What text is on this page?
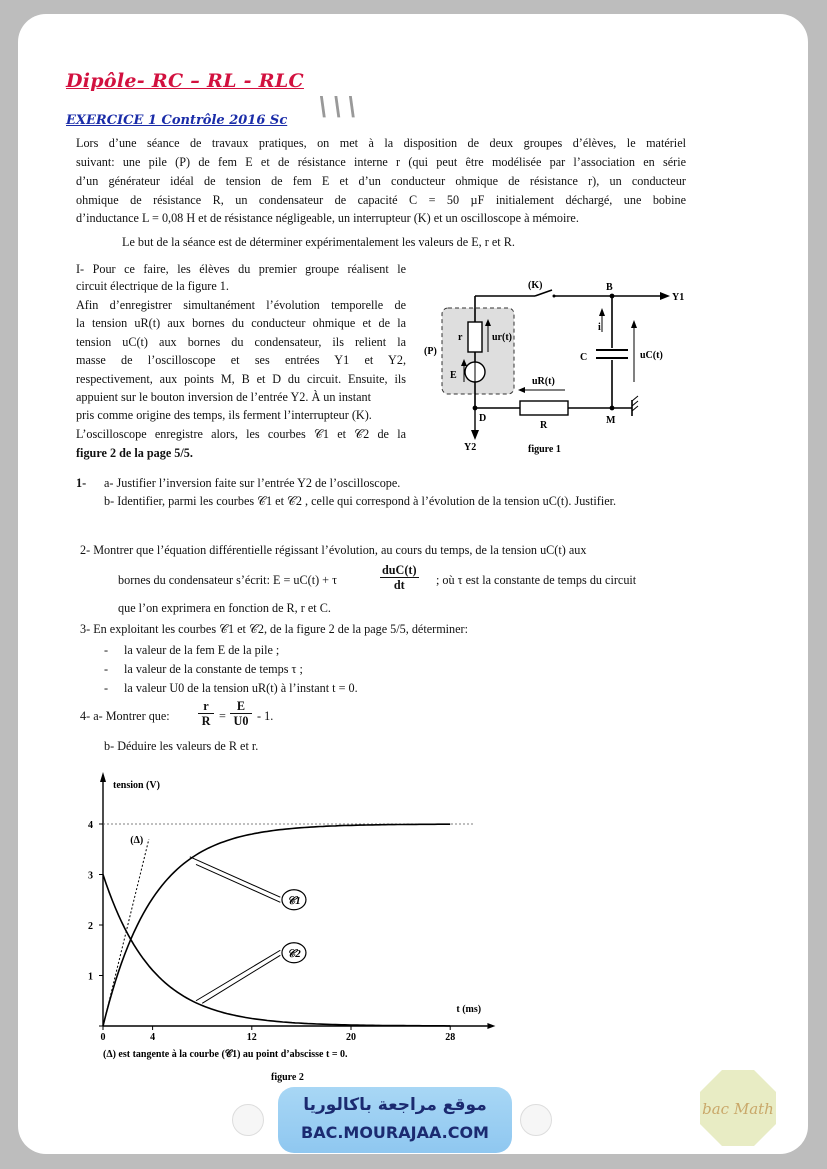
Dipôle- RC – RL - RLC
\ \ \
EXERCICE 1 Contrôle 2016 Sc
Lors d’une séance de travaux pratiques, on met à la disposition de deux groupes d’élèves, le matériel
suivant: une pile (P) de fem E et de résistance interne r (qui peut être modélisée par l’association en série
d’un générateur idéal de tension de fem E et d’un conducteur ohmique de résistance r), un conducteur
ohmique de résistance R, un condensateur de capacité C = 50 µF initialement déchargé, une bobine
d’inductance L = 0,08 H et de résistance négligeable, un interrupteur (K) et un oscilloscope à mémoire.
Le but de la séance est de déterminer expérimentalement les valeurs de E, r et R.
I- Pour ce faire, les élèves du premier groupe réalisent le
circuit électrique de la figure 1.
Afin d’enregistrer simultanément l’évolution temporelle de
la tension uR(t) aux bornes du conducteur ohmique et de la
tension uC(t) aux bornes du condensateur, ils relient la
masse de l’oscilloscope et ses entrées Y1 et Y2,
respectivement, aux points M, B et D du circuit. Ensuite, ils
appuient sur le bouton inversion de l’entrée Y2. À un instant
pris comme origine des temps, ils ferment l’interrupteur (K).
L’oscilloscope enregistre alors, les courbes 𝒞1 et 𝒞2 de la
figure 2 de la page 5/5.
(K)	B
Y1
i
C	uC(t)
(P)
r	ur(t)
E
uR(t)
D
R	M
Y2	figure 1
1- a- Justifier l’inversion faite sur l’entrée Y2 de l’oscilloscope.
b- Identifier, parmi les courbes 𝒞1 et 𝒞2 , celle qui correspond à l’évolution de la tension uC(t). Justifier.
2- Montrer que l’équation différentielle régissant l’évolution, au cours du temps, de la tension uC(t) aux
bornes du condensateur s’écrit: E = uC(t) + τ
duC(t)
dt	; où τ est la constante de temps du circuit
que l’on exprimera en fonction de R, r et C.
3- En exploitant les courbes 𝒞1 et 𝒞2, de la figure 2 de la page 5/5, déterminer:
- la valeur de la fem E de la pile ;
- la valeur de la constante de temps τ ;
- la valeur U0 de la tension uR(t) à l’instant t = 0.
4- a- Montrer que: $\frac{r}{R} = \frac{E}{U0} - 1$.
b- Déduire les valeurs de R et r.
tension (V)
t (ms)
0	4	12	20	28
1
2
3
4
(Δ)
𝒞1
𝒞2
(Δ) est tangente à la courbe (𝒞1) au point d’abscisse t = 0.
figure 2
موقع مراجعة باكالوريا
BAC.MOURAJAA.COM
bac Math
